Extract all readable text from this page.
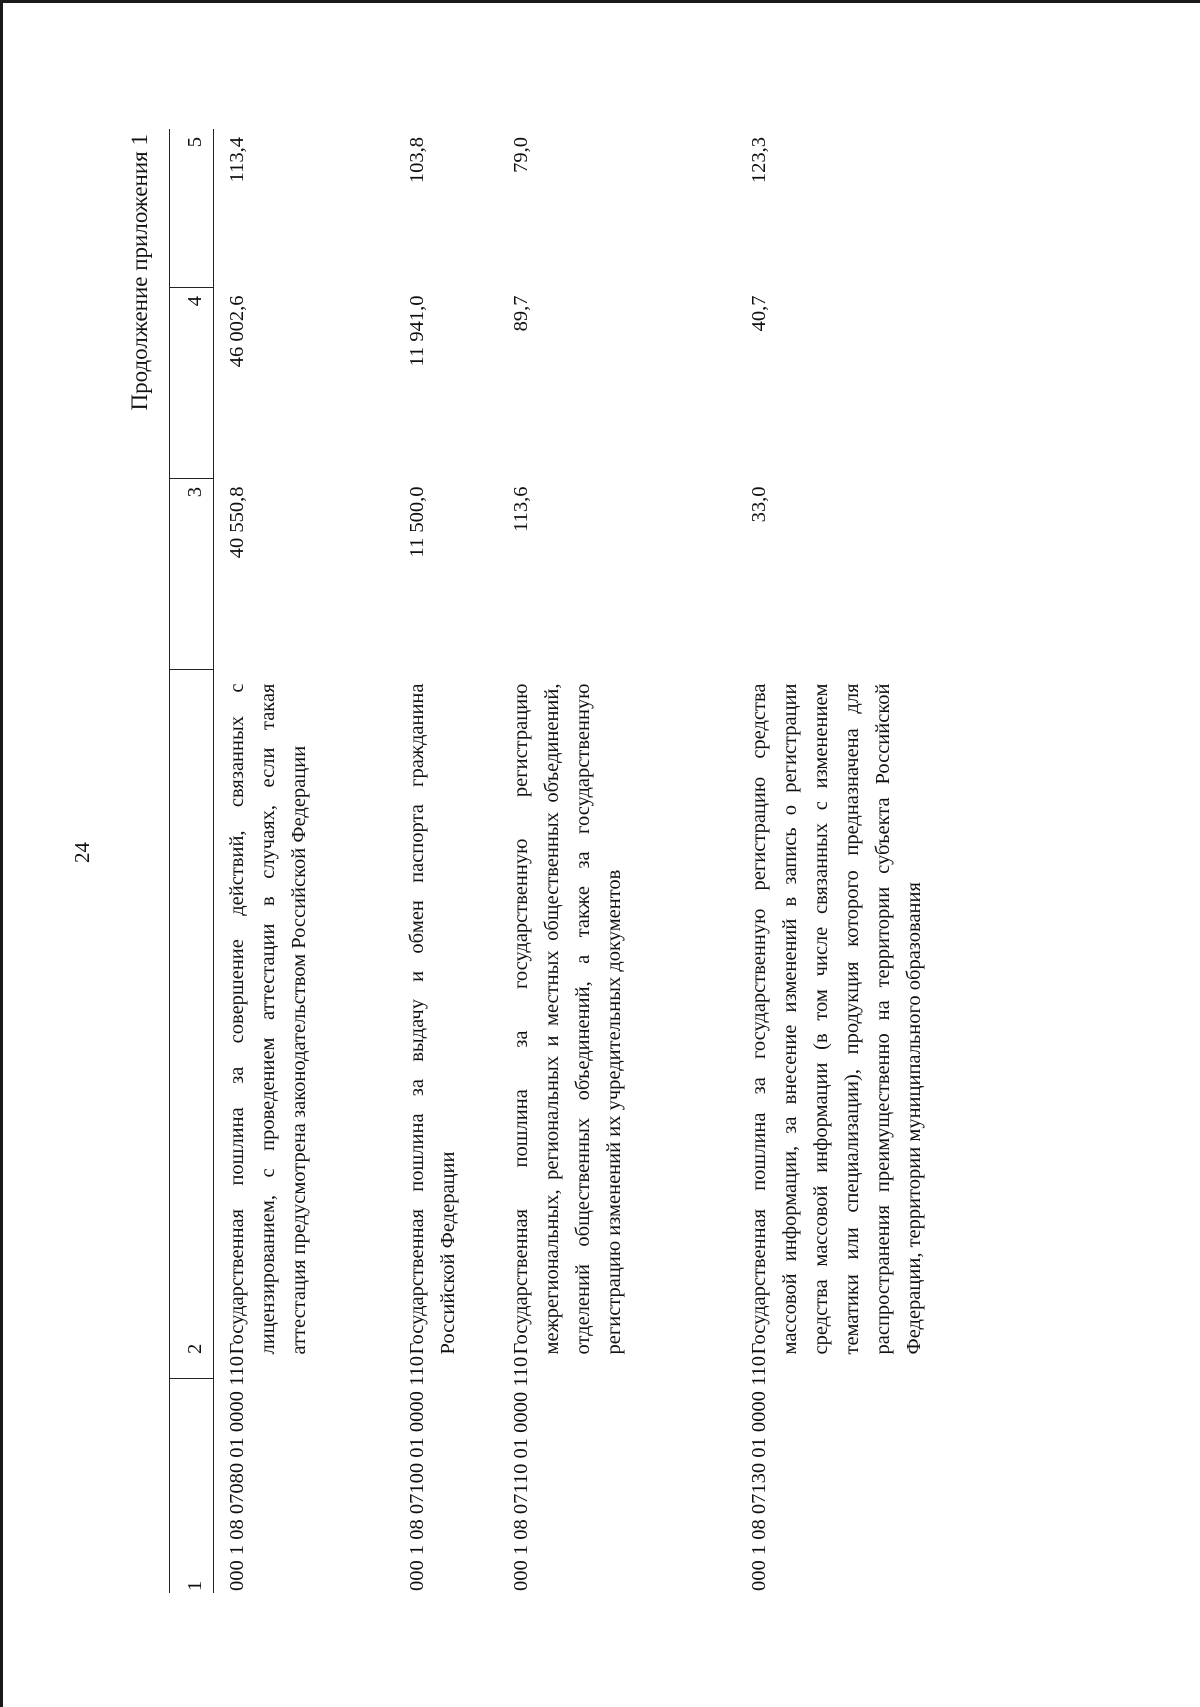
24
Продолжение приложения 1
1	2	3	4	5
000 1 08 07080 01 0000 110	Государственная пошлина за совершение действий, связанных с лицензированием, с проведением аттестации в случаях, если такая аттестация предусмотрена законодательством Российской Федерации	40 550,8	46 002,6	113,4
000 1 08 07100 01 0000 110	Государственная пошлина за выдачу и обмен паспорта гражданина Российской Федерации	11 500,0	11 941,0	103,8
000 1 08 07110 01 0000 110	Государственная пошлина за государственную регистрацию межрегиональных, региональных и местных общественных объединений, отделений общественных объединений, а также за государственную регистрацию изменений их учредительных документов	113,6	89,7	79,0
000 1 08 07130 01 0000 110	Государственная пошлина за государственную регистрацию средства массовой информации, за внесение изменений в запись о регистрации средства массовой информации (в том числе связанных с изменением тематики или специализации), продукция которого предназначена для распространения преимущественно на территории субъекта Российской Федерации, территории муниципального образования	33,0	40,7	123,3
